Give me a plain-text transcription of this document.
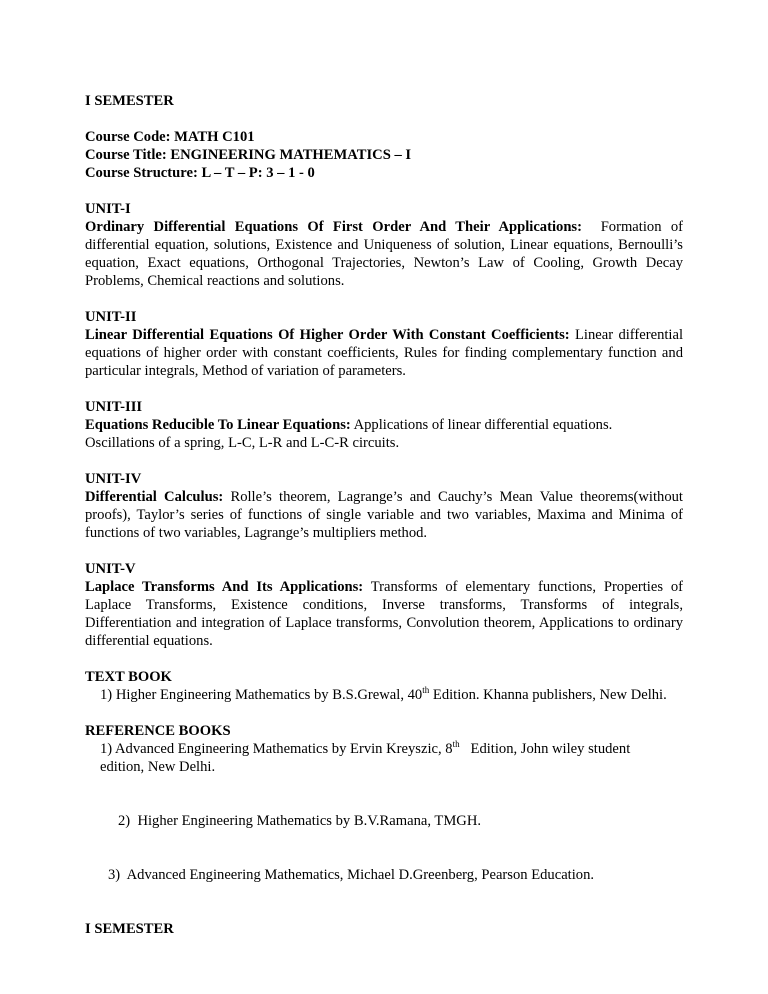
I SEMESTER
Course Code: MATH C101
Course Title: ENGINEERING MATHEMATICS – I
Course Structure: L – T – P: 3 – 1 - 0
UNIT-I
Ordinary Differential Equations Of First Order And Their Applications: Formation of differential equation, solutions, Existence and Uniqueness of solution, Linear equations, Bernoulli’s equation, Exact equations, Orthogonal Trajectories, Newton’s Law of Cooling, Growth Decay Problems, Chemical reactions and solutions.
UNIT-II
Linear Differential Equations Of Higher Order With Constant Coefficients: Linear differential equations of higher order with constant coefficients, Rules for finding complementary function and particular integrals, Method of variation of parameters.
UNIT-III
Equations Reducible To Linear Equations: Applications of linear differential equations.
Oscillations of a spring, L-C, L-R and L-C-R circuits.
UNIT-IV
Differential Calculus: Rolle’s theorem, Lagrange’s and Cauchy’s Mean Value theorems(without proofs), Taylor’s series of functions of single variable and two variables, Maxima and Minima of functions of two variables, Lagrange’s multipliers method.
UNIT-V
Laplace Transforms And Its Applications: Transforms of elementary functions, Properties of Laplace Transforms, Existence conditions, Inverse transforms, Transforms of integrals, Differentiation and integration of Laplace transforms, Convolution theorem, Applications to ordinary differential equations.
TEXT BOOK
1) Higher Engineering Mathematics by B.S.Grewal, 40th Edition. Khanna publishers, New Delhi.
REFERENCE BOOKS
1) Advanced Engineering Mathematics by Ervin Kreyszic, 8th   Edition, John wiley student
edition, New Delhi.
2)  Higher Engineering Mathematics by B.V.Ramana, TMGH.
3)  Advanced Engineering Mathematics, Michael D.Greenberg, Pearson Education.
I SEMESTER
